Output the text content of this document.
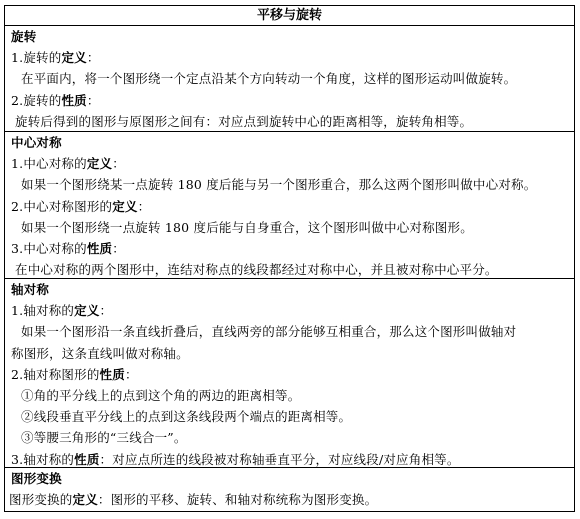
平移与旋转
旋转
1.旋转的定义：
在平面内，将一个图形绕一个定点沿某个方向转动一个角度，这样的图形运动叫做旋转。
2.旋转的性质：
旋转后得到的图形与原图形之间有：对应点到旋转中心的距离相等，旋转角相等。
中心对称
1.中心对称的定义：
如果一个图形绕某一点旋转 180 度后能与另一个图形重合，那么这两个图形叫做中心对称。
2.中心对称图形的定义：
如果一个图形绕一点旋转 180 度后能与自身重合，这个图形叫做中心对称图形。
3.中心对称的性质：
在中心对称的两个图形中，连结对称点的线段都经过对称中心，并且被对称中心平分。
轴对称
1.轴对称的定义：
如果一个图形沿一条直线折叠后，直线两旁的部分能够互相重合，那么这个图形叫做轴对
称图形，这条直线叫做对称轴。
2.轴对称图形的性质：
①角的平分线上的点到这个角的两边的距离相等。
②线段垂直平分线上的点到这条线段两个端点的距离相等。
③等腰三角形的“三线合一”。
3.轴对称的性质：对应点所连的线段被对称轴垂直平分，对应线段/对应角相等。
图形变换
图形变换的定义：图形的平移、旋转、和轴对称统称为图形变换。
